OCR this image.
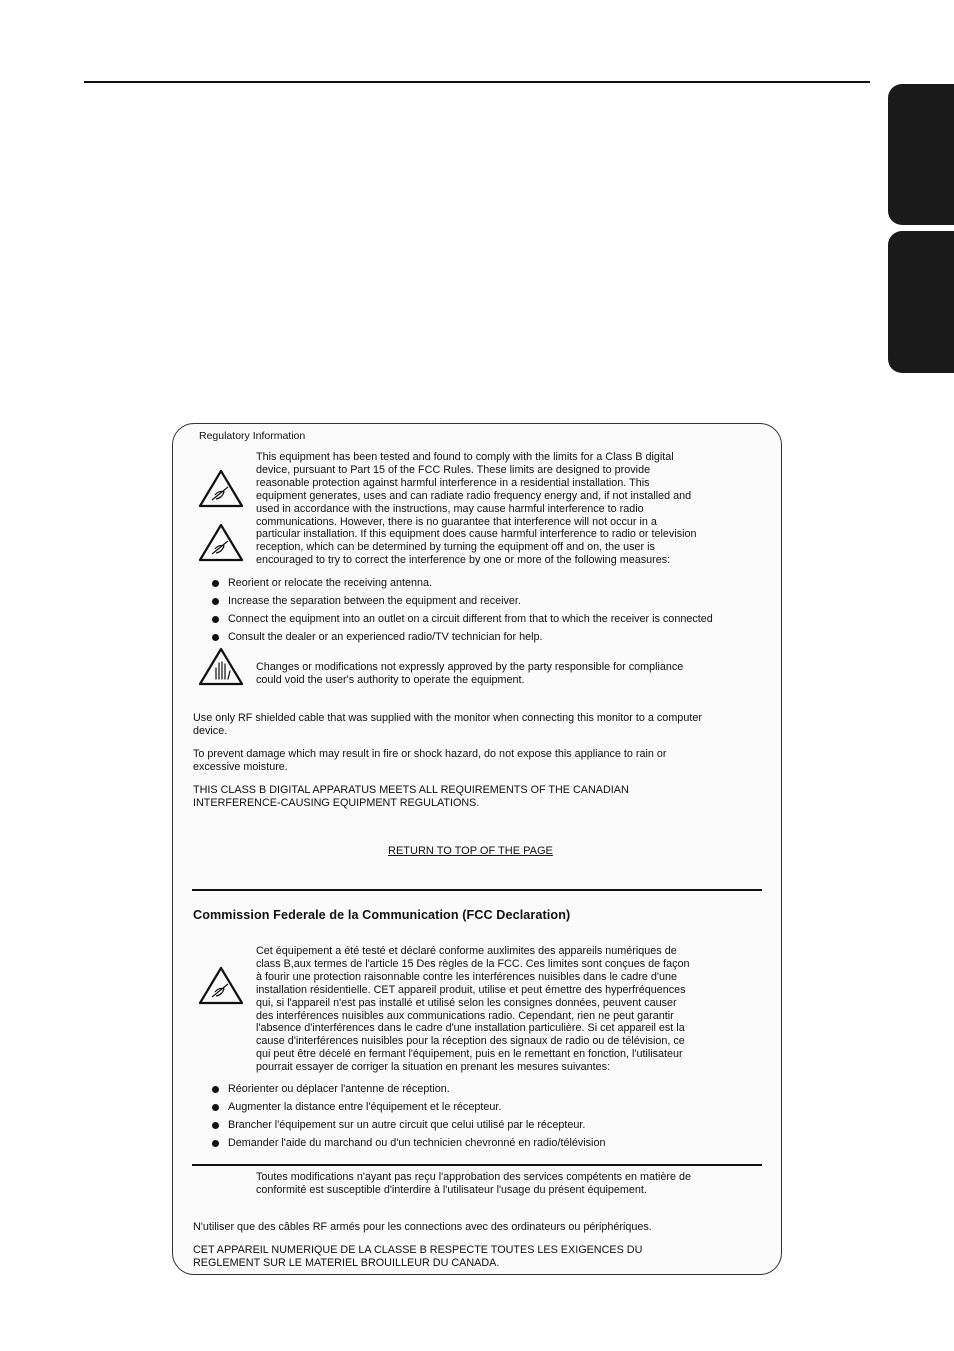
Regulatory Information
This equipment has been tested and found to comply with the limits for a Class B digital
device, pursuant to Part 15 of the FCC Rules. These limits are designed to provide
reasonable protection against harmful interference in a residential installation. This
equipment generates, uses and can radiate radio frequency energy and, if not installed and
used in accordance with the instructions, may cause harmful interference to radio
communications. However, there is no guarantee that interference will not occur in a
particular installation. If this equipment does cause harmful interference to radio or television
reception, which can be determined by turning the equipment off and on, the user is
encouraged to try to correct the interference by one or more of the following measures:
Reorient or relocate the receiving antenna.
Increase the separation between the equipment and receiver.
Connect the equipment into an outlet on a circuit different from that to which the receiver is connected
Consult the dealer or an experienced radio/TV technician for help.
Changes or modifications not expressly approved by the party responsible for compliance
could void the user's authority to operate the equipment.
Use only RF shielded cable that was supplied with the monitor when connecting this monitor to a computer
device.
To prevent damage which may result in fire or shock hazard, do not expose this appliance to rain or
excessive moisture.
THIS CLASS B DIGITAL APPARATUS MEETS ALL REQUIREMENTS OF THE CANADIAN
INTERFERENCE-CAUSING EQUIPMENT REGULATIONS.
RETURN TO TOP OF THE PAGE
Commission Federale de la Communication (FCC Declaration)
Cet équipement a été testé et déclaré conforme auxlimites des appareils numériques de
class B,aux termes de l'article 15 Des règles de la FCC. Ces limites sont conçues de façon
à fourir une protection raisonnable contre les interférences nuisibles dans le cadre d'une
installation résidentielle. CET appareil produit, utilise et peut émettre des hyperfréquences
qui, si l'appareil n'est pas installé et utilisé selon les consignes données, peuvent causer
des interférences nuisibles aux communications radio. Cependant, rien ne peut garantir
l'absence d'interférences dans le cadre d'une installation particulière. Si cet appareil est la
cause d'interférences nuisibles pour la réception des signaux de radio ou de télévision, ce
qui peut être décelé en fermant l'équipement, puis en le remettant en fonction, l'utilisateur
pourrait essayer de corriger la situation en prenant les mesures suivantes:
Réorienter ou déplacer l'antenne de réception.
Augmenter la distance entre l'équipement et le récepteur.
Brancher l'équipement sur un autre circuit que celui utilisé par le récepteur.
Demander l'aide du marchand ou d'un technicien chevronné en radio/télévision
Toutes modifications n'ayant pas reçu l'approbation des services compétents en matière de
conformité est susceptible d'interdire à l'utilisateur l'usage du présent équipement.
N'utiliser que des câbles RF armés pour les connections avec des ordinateurs ou périphériques.
CET APPAREIL NUMERIQUE DE LA CLASSE B RESPECTE TOUTES LES EXIGENCES DU
REGLEMENT SUR LE MATERIEL BROUILLEUR DU CANADA.
